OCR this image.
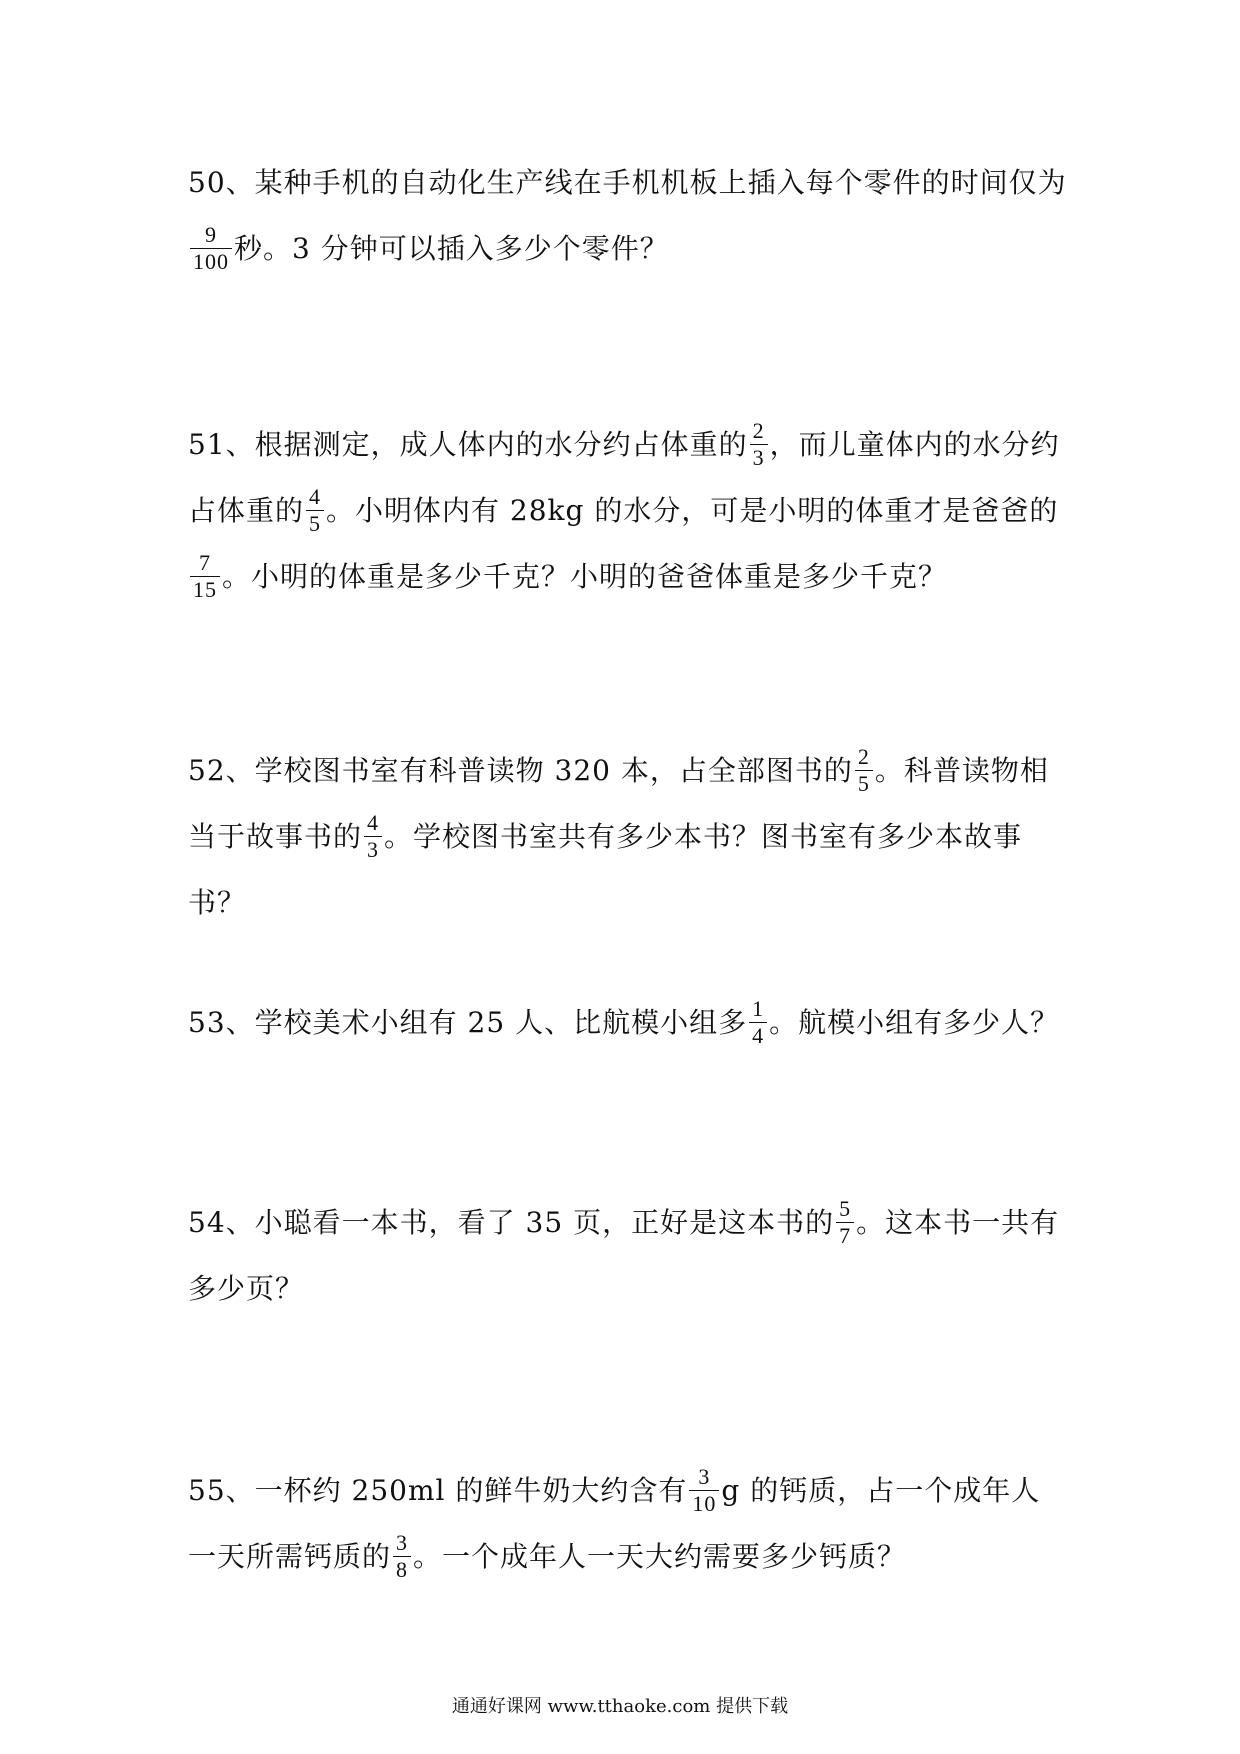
50、某种手机的自动化生产线在手机机板上插入每个零件的时间仅为
$\frac{9}{100}$ 秒。3 分钟可以插入多少个零件？
51、根据测定，成人体内的水分约占体重的 $\frac{2}{3}$ ，而儿童体内的水分约占体重的 $\frac{4}{5}$ 。小明体内有 28kg 的水分，可是小明的体重才是爸爸的
$\frac{7}{15}$ 。小明的体重是多少千克？小明的爸爸体重是多少千克？
52、学校图书室有科普读物 320 本，占全部图书的 $\frac{2}{5}$ 。科普读物相当于故事书的 $\frac{4}{3}$ 。学校图书室共有多少本书？图书室有多少本故事书？
53、学校美术小组有 25 人、比航模小组多 $\frac{1}{4}$ 。航模小组有多少人？
54、小聪看一本书，看了 35 页，正好是这本书的 $\frac{5}{7}$ 。这本书一共有多少页？
55、一杯约 250ml 的鲜牛奶大约含有 $\frac{3}{10}$ g 的钙质，占一个成年人一天所需钙质的 $\frac{3}{8}$ 。一个成年人一天大约需要多少钙质？
通通好课网 www.tthaoke.com 提供下载
